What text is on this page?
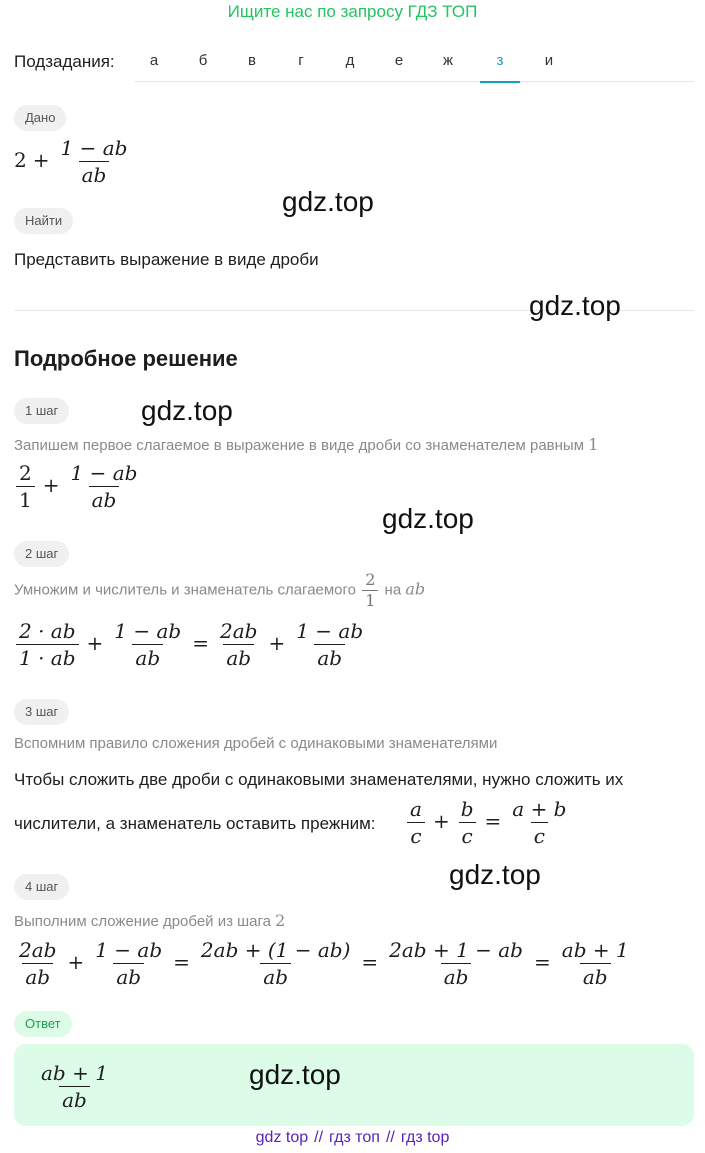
Ищите нас по запросу ГДЗ ТОП
Подзадания:	а	б	в	г	д	е	ж	з	и
Дано
$2 + \frac{1 - ab}{ab}$
Найти
Представить выражение в виде дроби
Подробное решение
1 шаг
Запишем первое слагаемое в выражение в виде дроби со знаменателем равным 1
$\frac{2}{1} + \frac{1 - ab}{ab}$
2 шаг
Умножим и числитель и знаменатель слагаемого $\frac{2}{1}$ на ab
$\frac{2 \cdot ab}{1 \cdot ab} + \frac{1 - ab}{ab} = \frac{2ab}{ab} + \frac{1 - ab}{ab}$
3 шаг
Вспомним правило сложения дробей с одинаковыми знаменателями
Чтобы сложить две дроби с одинаковыми знаменателями, нужно сложить их
числители, а знаменатель оставить прежним: $\frac{a}{c} + \frac{b}{c} = \frac{a + b}{c}$
4 шаг
Выполним сложение дробей из шага 2
$\frac{2ab}{ab} + \frac{1 - ab}{ab} = \frac{2ab + (1 - ab)}{ab} = \frac{2ab + 1 - ab}{ab} = \frac{ab + 1}{ab}$
Ответ
$\frac{ab + 1}{ab}$
gdz.top
gdz.top
gdz.top
gdz.top
gdz.top
gdz.top
gdz top // гдз топ // гдз top
